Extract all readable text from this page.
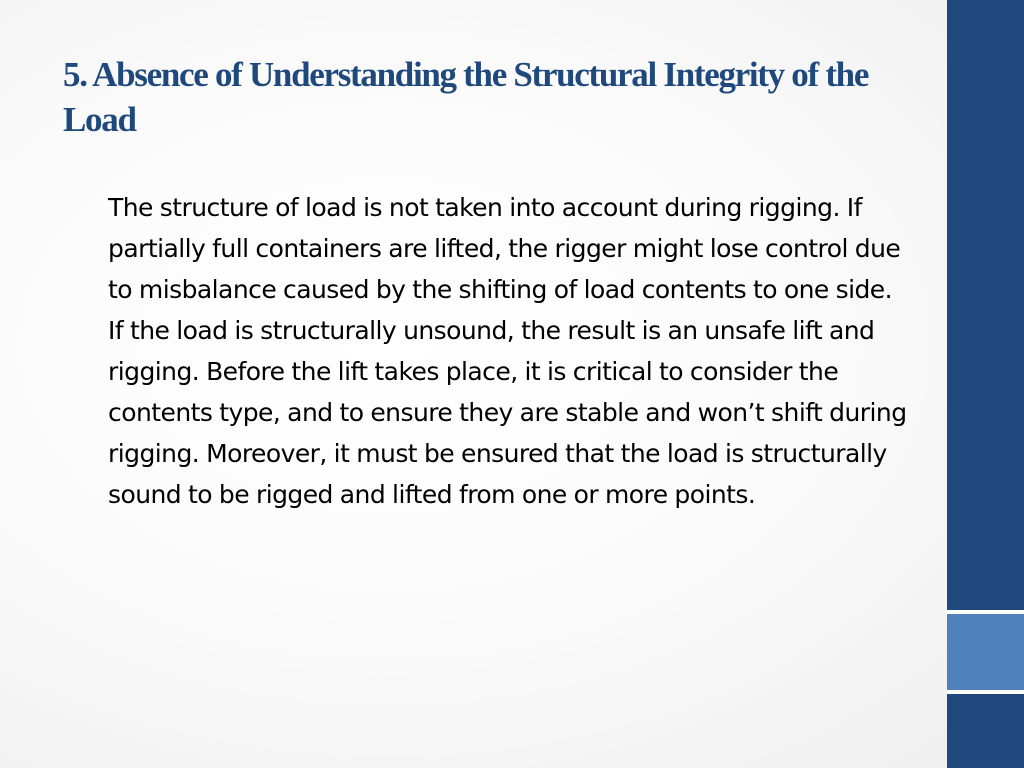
5. Absence of Understanding the Structural Integrity of the Load

The structure of load is not taken into account during rigging. If partially full containers are lifted, the rigger might lose control due to misbalance caused by the shifting of load contents to one side. If the load is structurally unsound, the result is an unsafe lift and rigging. Before the lift takes place, it is critical to consider the contents type, and to ensure they are stable and won’t shift during rigging. Moreover, it must be ensured that the load is structurally sound to be rigged and lifted from one or more points.
